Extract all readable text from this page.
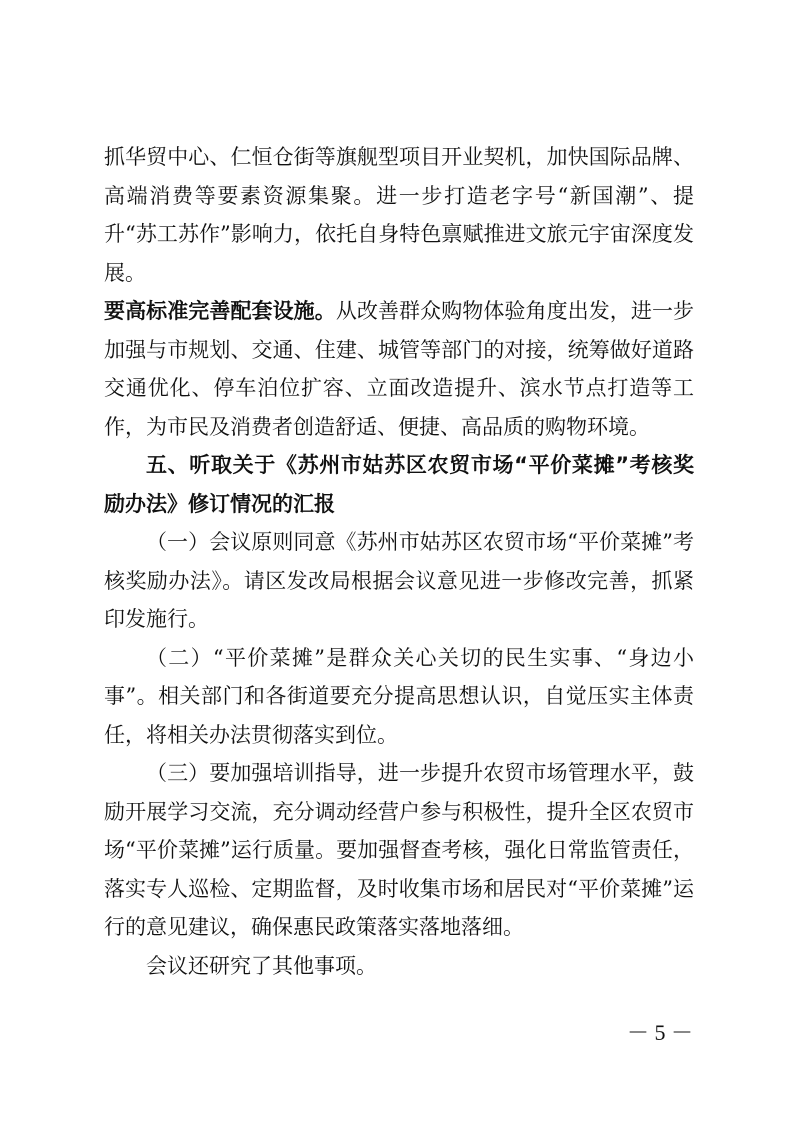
抓华贸中心、仁恒仓街等旗舰型项目开业契机，加快国际品牌、高端消费等要素资源集聚。进一步打造老字号“新国潮”、提升“苏工苏作”影响力，依托自身特色禀赋推进文旅元宇宙深度发展。

要高标准完善配套设施。从改善群众购物体验角度出发，进一步加强与市规划、交通、住建、城管等部门的对接，统筹做好道路交通优化、停车泊位扩容、立面改造提升、滨水节点打造等工作，为市民及消费者创造舒适、便捷、高品质的购物环境。

五、听取关于《苏州市姑苏区农贸市场“平价菜摊”考核奖励办法》修订情况的汇报

（一）会议原则同意《苏州市姑苏区农贸市场“平价菜摊”考核奖励办法》。请区发改局根据会议意见进一步修改完善，抓紧印发施行。

（二）“平价菜摊”是群众关心关切的民生实事、“身边小事”。相关部门和各街道要充分提高思想认识，自觉压实主体责任，将相关办法贯彻落实到位。

（三）要加强培训指导，进一步提升农贸市场管理水平，鼓励开展学习交流，充分调动经营户参与积极性，提升全区农贸市场“平价菜摊”运行质量。要加强督查考核，强化日常监管责任，落实专人巡检、定期监督，及时收集市场和居民对“平价菜摊”运行的意见建议，确保惠民政策落实落地落细。

会议还研究了其他事项。

－ 5 －
